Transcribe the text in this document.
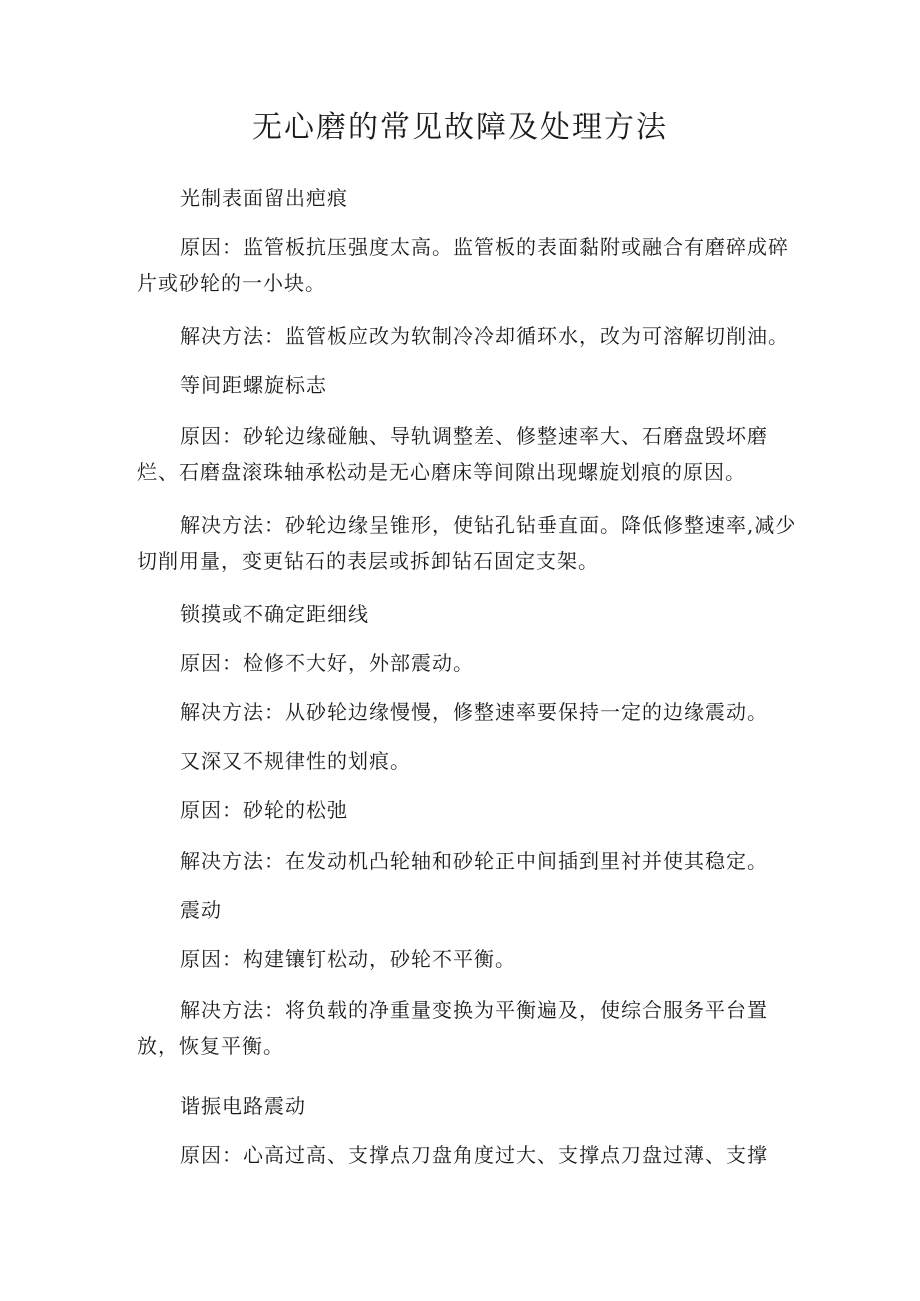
无心磨的常见故障及处理方法

光制表面留出疤痕

原因：监管板抗压强度太高。监管板的表面黏附或融合有磨碎成碎片或砂轮的一小块。

解决方法：监管板应改为软制冷冷却循环水，改为可溶解切削油。

等间距螺旋标志

原因：砂轮边缘碰触、导轨调整差、修整速率大、石磨盘毁坏磨烂、石磨盘滚珠轴承松动是无心磨床等间隙出现螺旋划痕的原因。

解决方法：砂轮边缘呈锥形，使钻孔钻垂直面。降低修整速率,减少切削用量，变更钻石的表层或拆卸钻石固定支架。

锁摸或不确定距细线

原因：检修不大好，外部震动。

解决方法：从砂轮边缘慢慢，修整速率要保持一定的边缘震动。

又深又不规律性的划痕。

原因：砂轮的松弛

解决方法：在发动机凸轮轴和砂轮正中间插到里衬并使其稳定。

震动

原因：构建镶钉松动，砂轮不平衡。

解决方法：将负载的净重量变换为平衡遍及，使综合服务平台置放，恢复平衡。

谐振电路震动

原因：心高过高、支撑点刀盘角度过大、支撑点刀盘过薄、支撑
